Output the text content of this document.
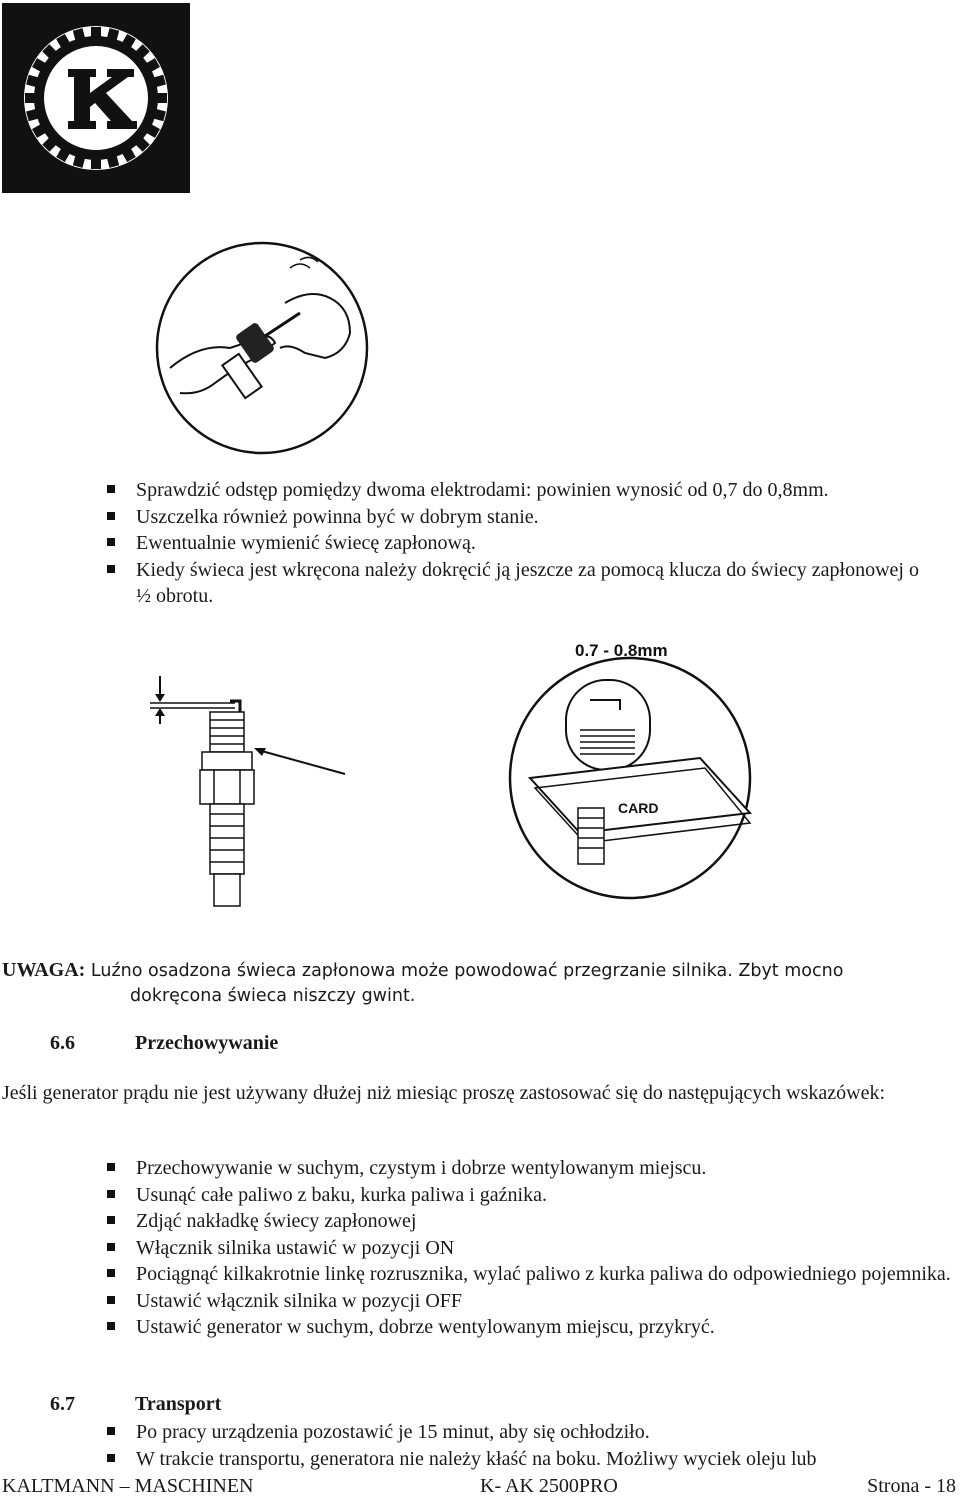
0.7 - 0.8mm
CARD
Sprawdzić odstęp pomiędzy dwoma elektrodami: powinien wynosić od 0,7 do 0,8mm.
Uszczelka również powinna być w dobrym stanie.
Ewentualnie wymienić świecę zapłonową.
Kiedy świeca jest wkręcona należy dokręcić ją jeszcze za pomocą klucza do świecy zapłonowej o ½ obrotu.
UWAGA: Luźno osadzona świeca zapłonowa może powodować przegrzanie silnika. Zbyt mocno
dokręcona świeca niszczy gwint.
6.6	Przechowywanie
Jeśli generator prądu nie jest używany dłużej niż miesiąc proszę zastosować się do następujących wskazówek:
Przechowywanie w suchym, czystym i dobrze wentylowanym miejscu.
Usunąć całe paliwo z baku, kurka paliwa i gaźnika.
Zdjąć nakładkę świecy zapłonowej
Włącznik silnika ustawić w pozycji ON
Pociągnąć kilkakrotnie linkę rozrusznika, wylać paliwo z kurka paliwa do odpowiedniego pojemnika.
Ustawić włącznik silnika w pozycji OFF
Ustawić generator w suchym, dobrze wentylowanym miejscu, przykryć.
6.7	Transport
Po pracy urządzenia pozostawić je 15 minut, aby się ochłodziło.
W trakcie transportu, generatora nie należy kłaść na boku. Możliwy wyciek oleju lub
KALTMANN – MASCHINEN	K- AK 2500PRO	Strona - 18
